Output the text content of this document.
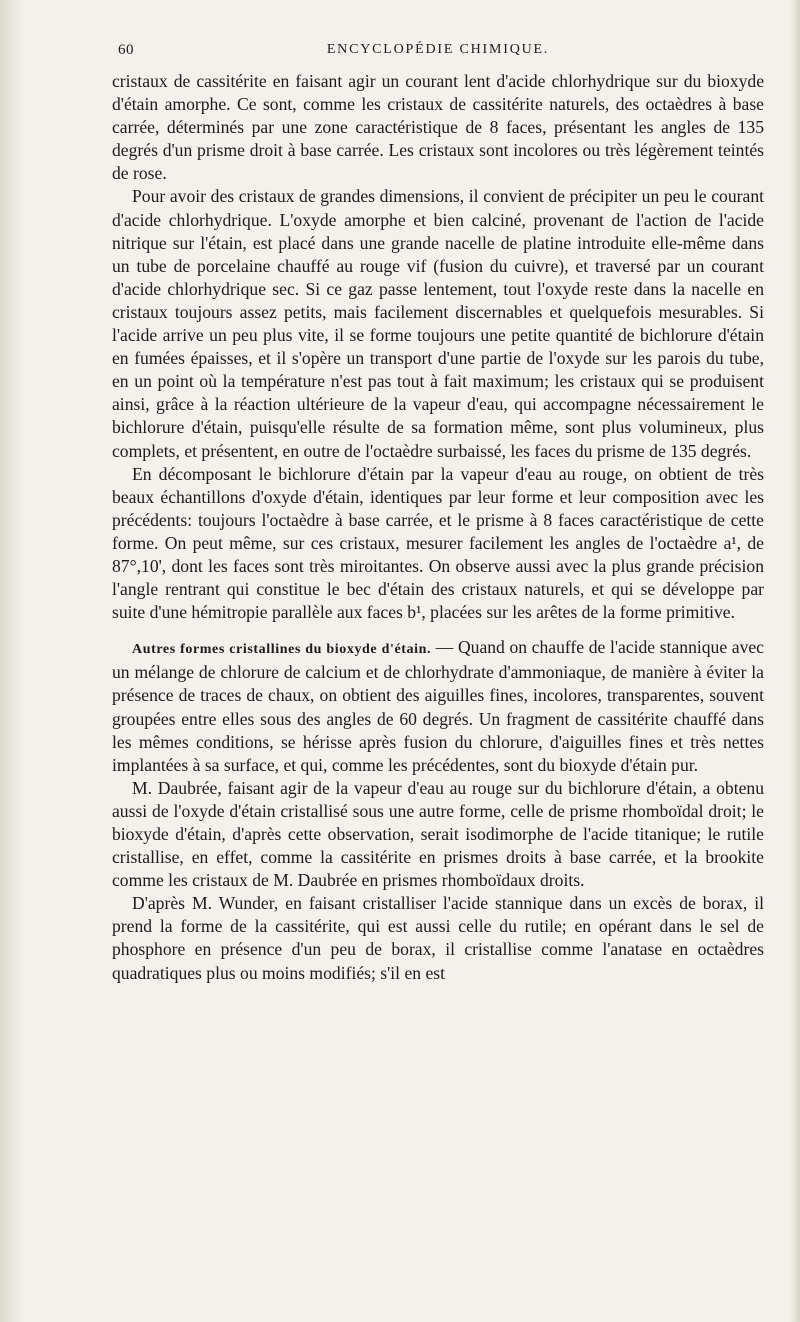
60	ENCYCLOPÉDIE CHIMIQUE.

cristaux de cassitérite en faisant agir un courant lent d'acide chlorhydrique sur du bioxyde d'étain amorphe. Ce sont, comme les cristaux de cassitérite naturels, des octaèdres à base carrée, déterminés par une zone caractéristique de 8 faces, présentant les angles de 135 degrés d'un prisme droit à base carrée. Les cristaux sont incolores ou très légèrement teintés de rose.

Pour avoir des cristaux de grandes dimensions, il convient de précipiter un peu le courant d'acide chlorhydrique. L'oxyde amorphe et bien calciné, provenant de l'action de l'acide nitrique sur l'étain, est placé dans une grande nacelle de platine introduite elle-même dans un tube de porcelaine chauffé au rouge vif (fusion du cuivre), et traversé par un courant d'acide chlorhydrique sec. Si ce gaz passe lentement, tout l'oxyde reste dans la nacelle en cristaux toujours assez petits, mais facilement discernables et quelquefois mesurables. Si l'acide arrive un peu plus vite, il se forme toujours une petite quantité de bichlorure d'étain en fumées épaisses, et il s'opère un transport d'une partie de l'oxyde sur les parois du tube, en un point où la température n'est pas tout à fait maximum; les cristaux qui se produisent ainsi, grâce à la réaction ultérieure de la vapeur d'eau, qui accompagne nécessairement le bichlorure d'étain, puisqu'elle résulte de sa formation même, sont plus volumineux, plus complets, et présentent, en outre de l'octaèdre surbaissé, les faces du prisme de 135 degrés.

En décomposant le bichlorure d'étain par la vapeur d'eau au rouge, on obtient de très beaux échantillons d'oxyde d'étain, identiques par leur forme et leur composition avec les précédents: toujours l'octaèdre à base carrée, et le prisme à 8 faces caractéristique de cette forme. On peut même, sur ces cristaux, mesurer facilement les angles de l'octaèdre a¹, de 87°,10', dont les faces sont très miroitantes. On observe aussi avec la plus grande précision l'angle rentrant qui constitue le bec d'étain des cristaux naturels, et qui se développe par suite d'une hémitropie parallèle aux faces b¹, placées sur les arêtes de la forme primitive.

Autres formes cristallines du bioxyde d'étain. — Quand on chauffe de l'acide stannique avec un mélange de chlorure de calcium et de chlorhydrate d'ammoniaque, de manière à éviter la présence de traces de chaux, on obtient des aiguilles fines, incolores, transparentes, souvent groupées entre elles sous des angles de 60 degrés. Un fragment de cassitérite chauffé dans les mêmes conditions, se hérisse après fusion du chlorure, d'aiguilles fines et très nettes implantées à sa surface, et qui, comme les précédentes, sont du bioxyde d'étain pur.

M. Daubrée, faisant agir de la vapeur d'eau au rouge sur du bichlorure d'étain, a obtenu aussi de l'oxyde d'étain cristallisé sous une autre forme, celle de prisme rhomboïdal droit; le bioxyde d'étain, d'après cette observation, serait isodimorphe de l'acide titanique; le rutile cristallise, en effet, comme la cassitérite en prismes droits à base carrée, et la brookite comme les cristaux de M. Daubrée en prismes rhomboïdaux droits.

D'après M. Wunder, en faisant cristalliser l'acide stannique dans un excès de borax, il prend la forme de la cassitérite, qui est aussi celle du rutile; en opérant dans le sel de phosphore en présence d'un peu de borax, il cristallise comme l'anatase en octaèdres quadratiques plus ou moins modifiés; s'il en est
